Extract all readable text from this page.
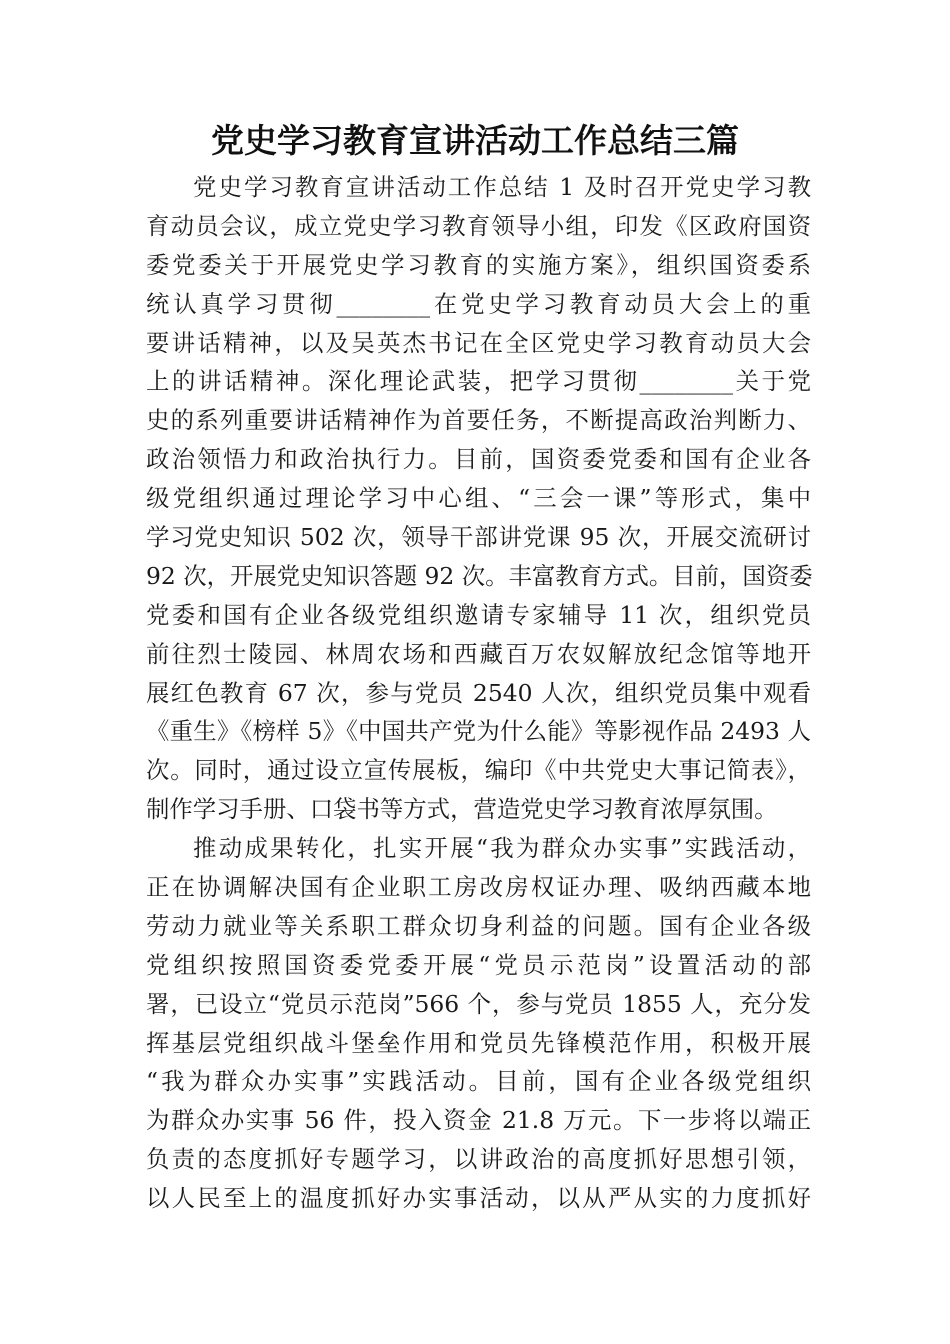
党史学习教育宣讲活动工作总结三篇
党史学习教育宣讲活动工作总结 1 及时召开党史学习教
育动员会议，成立党史学习教育领导小组，印发《区政府国资
委党委关于开展党史学习教育的实施方案》，组织国资委系
统认真学习贯彻________在党史学习教育动员大会上的重
要讲话精神，以及吴英杰书记在全区党史学习教育动员大会
上的讲话精神。深化理论武装，把学习贯彻________关于党
史的系列重要讲话精神作为首要任务，不断提高政治判断力、
政治领悟力和政治执行力。目前，国资委党委和国有企业各
级党组织通过理论学习中心组、“三会一课”等形式，集中
学习党史知识 502 次，领导干部讲党课 95 次，开展交流研讨
92 次，开展党史知识答题 92 次。丰富教育方式。目前，国资委
党委和国有企业各级党组织邀请专家辅导 11 次，组织党员
前往烈士陵园、林周农场和西藏百万农奴解放纪念馆等地开
展红色教育 67 次，参与党员 2540 人次，组织党员集中观看
《重生》《榜样 5》《中国共产党为什么能》等影视作品 2493 人
次。同时，通过设立宣传展板，编印《中共党史大事记简表》，
制作学习手册、口袋书等方式，营造党史学习教育浓厚氛围。
推动成果转化，扎实开展“我为群众办实事”实践活动，
正在协调解决国有企业职工房改房权证办理、吸纳西藏本地
劳动力就业等关系职工群众切身利益的问题。国有企业各级
党组织按照国资委党委开展“党员示范岗”设置活动的部
署，已设立“党员示范岗”566 个，参与党员 1855 人，充分发
挥基层党组织战斗堡垒作用和党员先锋模范作用，积极开展
“我为群众办实事”实践活动。目前，国有企业各级党组织
为群众办实事 56 件，投入资金 21.8 万元。下一步将以端正
负责的态度抓好专题学习，以讲政治的高度抓好思想引领，
以人民至上的温度抓好办实事活动，以从严从实的力度抓好
